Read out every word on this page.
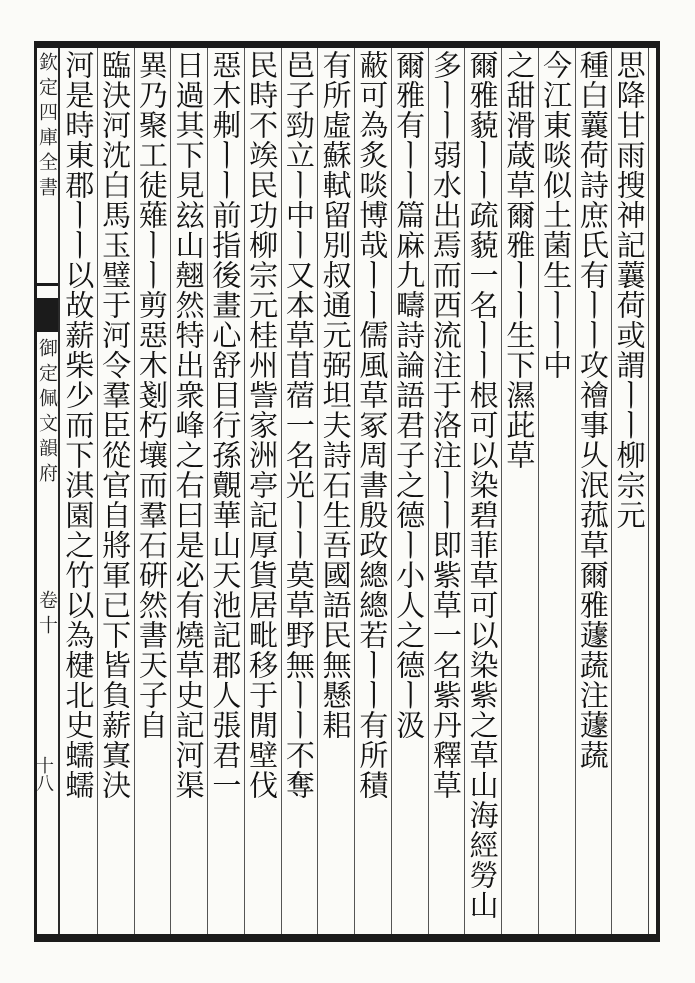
欽定四庫全書
御定佩文韻府
卷十
十八
思降甘雨搜神記蘘荷或謂ㅣㅣ柳宗元
種白蘘荷詩庶氏有ㅣㅣ攻禬事乆泯菰草爾雅蘧蔬注蘧蔬
今江東啖似土菌生ㅣㅣ中
之甜滑葴草爾雅ㅣㅣ生下濕茈草
爾雅藐ㅣㅣ疏藐一名ㅣㅣ根可以染碧菲草可以染紫之草山海經勞山
多ㅣㅣ弱水出焉而西流注于洛注ㅣㅣ即紫草一名紫丹釋草
爾雅有ㅣㅣ篇麻九疇詩論語君子之德ㅣ小人之德ㅣ汲
蔽可為炙啖博哉ㅣㅣ儒風草冢周書殷政總總若ㅣㅣ有所積
有所虛蘇軾留別叔通元弼坦夫詩石生吾國語民無懸耜
邑子勁立ㅣ中ㅣ又本草苜蓿一名光ㅣㅣ莫草野無ㅣㅣ不奪
民時不竢民功柳宗元桂州訾家洲亭記厚貨居毗移于閒壁伐
惡木刜ㅣㅣ前指後畫心舒目行孫覿華山天池記郡人張君一
日過其下見玆山翹然特出衆峰之右曰是必有燒草史記河渠
異乃聚工徒薙ㅣㅣ剪惡木剗朽壤而羣石硏然書天子自
臨決河沈白馬玉璧于河令羣臣從官自將軍已下皆負薪寘決
河是時東郡ㅣㅣ以故薪柴少而下淇園之竹以為楗北史蠕蠕
